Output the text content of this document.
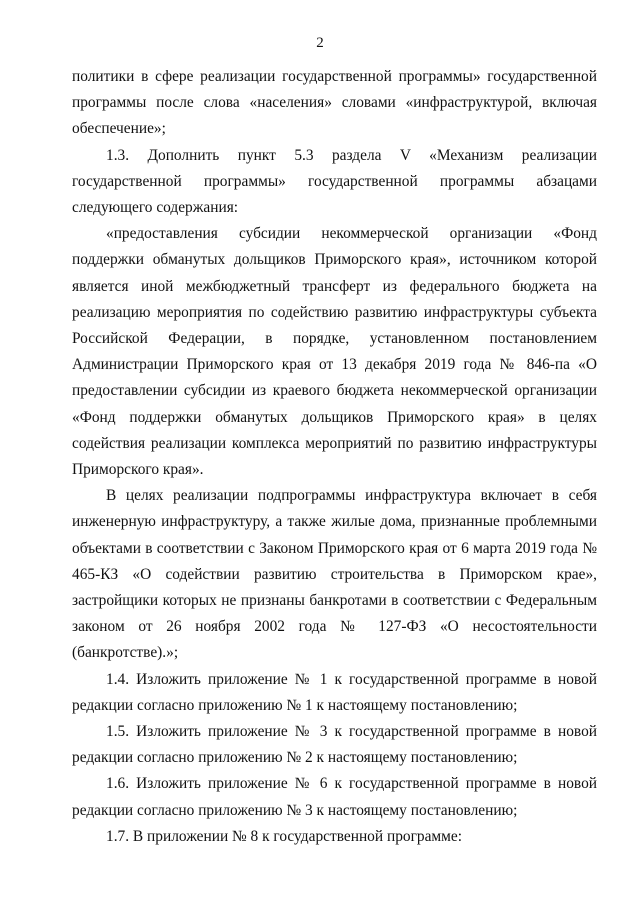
2

политики в сфере реализации государственной программы» государственной программы после слова «населения» словами «инфраструктурой, включая обеспечение»;

1.3. Дополнить пункт 5.3 раздела V «Механизм реализации государственной программы» государственной программы абзацами следующего содержания:

«предоставления субсидии некоммерческой организации «Фонд поддержки обманутых дольщиков Приморского края», источником которой является иной межбюджетный трансферт из федерального бюджета на реализацию мероприятия по содействию развитию инфраструктуры субъекта Российской Федерации, в порядке, установленном постановлением Администрации Приморского края от 13 декабря 2019 года № 846-па «О предоставлении субсидии из краевого бюджета некоммерческой организации «Фонд поддержки обманутых дольщиков Приморского края» в целях содействия реализации комплекса мероприятий по развитию инфраструктуры Приморского края».

В целях реализации подпрограммы инфраструктура включает в себя инженерную инфраструктуру, а также жилые дома, признанные проблемными объектами в соответствии с Законом Приморского края от 6 марта 2019 года № 465-КЗ «О содействии развитию строительства в Приморском крае», застройщики которых не признаны банкротами в соответствии с Федеральным законом от 26 ноября 2002 года № 127-ФЗ «О несостоятельности (банкротстве).»;

1.4. Изложить приложение № 1 к государственной программе в новой редакции согласно приложению № 1 к настоящему постановлению;

1.5. Изложить приложение № 3 к государственной программе в новой редакции согласно приложению № 2 к настоящему постановлению;

1.6. Изложить приложение № 6 к государственной программе в новой редакции согласно приложению № 3 к настоящему постановлению;

1.7. В приложении № 8 к государственной программе:
